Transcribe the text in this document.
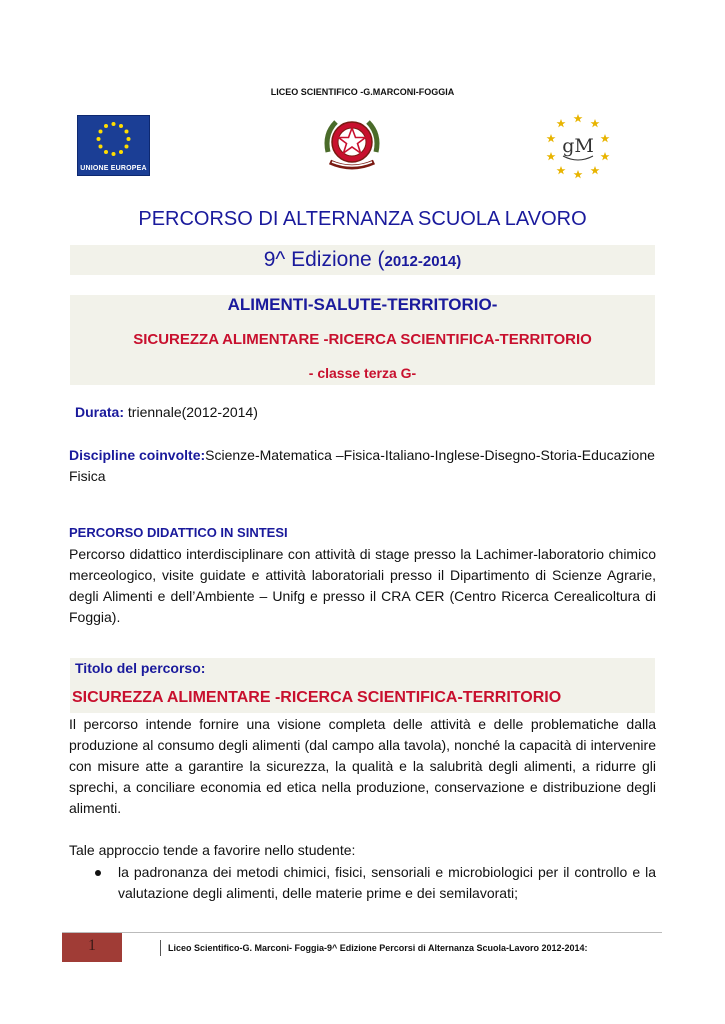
LICEO SCIENTIFICO -G.MARCONI-FOGGIA
UNIONE EUROPEA
gM
PERCORSO DI ALTERNANZA SCUOLA LAVORO
9^ Edizione (2012-2014)
ALIMENTI-SALUTE-TERRITORIO-
SICUREZZA ALIMENTARE -RICERCA SCIENTIFICA-TERRITORIO
- classe terza G-
Durata: triennale(2012-2014)
Discipline coinvolte:Scienze-Matematica –Fisica-Italiano-Inglese-Disegno-Storia-Educazione Fisica
PERCORSO DIDATTICO IN SINTESI
Percorso didattico interdisciplinare con attività di stage presso la Lachimer-laboratorio chimico merceologico, visite guidate e attività laboratoriali presso il Dipartimento di Scienze Agrarie, degli Alimenti e dell’Ambiente – Unifg e presso il CRA CER (Centro Ricerca Cerealicoltura di Foggia).
Titolo del percorso:
SICUREZZA ALIMENTARE -RICERCA SCIENTIFICA-TERRITORIO
Il percorso intende fornire una visione completa delle attività e delle problematiche dalla produzione al consumo degli alimenti (dal campo alla tavola), nonché la capacità di intervenire con misure atte a garantire la sicurezza, la qualità e la salubrità degli alimenti, a ridurre gli sprechi, a conciliare economia ed etica nella produzione, conservazione e distribuzione degli alimenti.
Tale approccio tende a favorire nello studente:
la padronanza dei metodi chimici, fisici, sensoriali e microbiologici per il controllo e la valutazione degli alimenti, delle materie prime e dei semilavorati;
1	Liceo Scientifico-G. Marconi- Foggia-9^ Edizione Percorsi di Alternanza Scuola-Lavoro 2012-2014:
